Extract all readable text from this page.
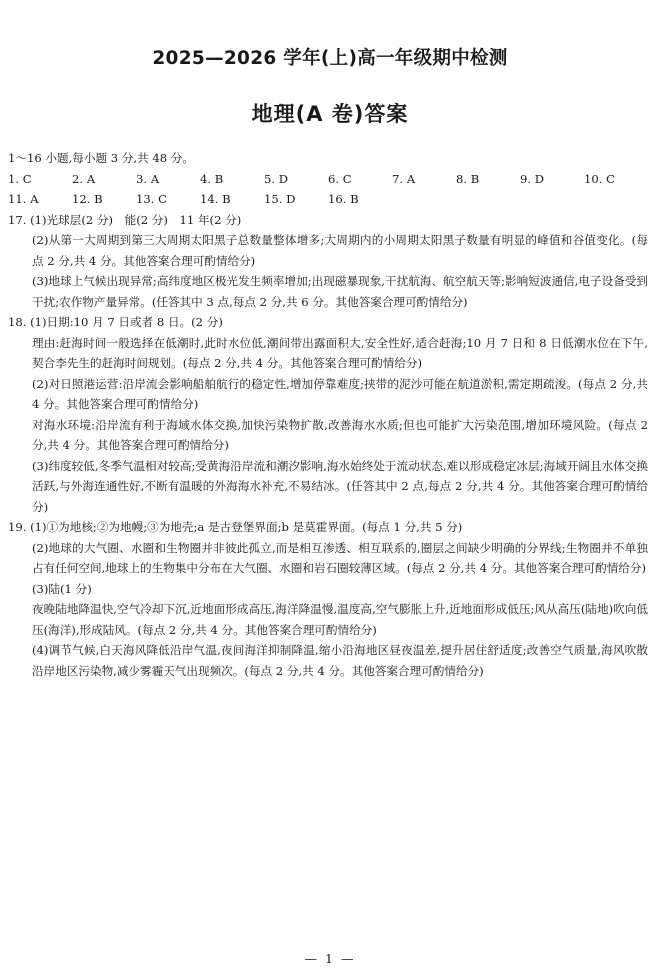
2025—2026 学年(上)高一年级期中检测
地理(A 卷)答案
1～16 小题,每小题 3 分,共 48 分。
1. C	2. A	3. A	4. B	5. D	6. C	7. A	8. B	9. D	10. C
11. A	12. B	13. C	14. B	15. D	16. B
17. (1)光球层(2 分)　能(2 分)　11 年(2 分)
(2)从第一大周期到第三大周期太阳黑子总数量整体增多;大周期内的小周期太阳黑子数量有明显的峰值和谷值变化。(每点 2 分,共 4 分。其他答案合理可酌情给分)
(3)地球上气候出现异常;高纬度地区极光发生频率增加;出现磁暴现象,干扰航海、航空航天等;影响短波通信,电子设备受到干扰;农作物产量异常。(任答其中 3 点,每点 2 分,共 6 分。其他答案合理可酌情给分)
18. (1)日期:10 月 7 日或者 8 日。(2 分)
理由:赶海时间一般选择在低潮时,此时水位低,潮间带出露面积大,安全性好,适合赶海;10 月 7 日和 8 日低潮水位在下午,契合李先生的赶海时间规划。(每点 2 分,共 4 分。其他答案合理可酌情给分)
(2)对日照港运营:沿岸流会影响船舶航行的稳定性,增加停靠难度;挟带的泥沙可能在航道淤积,需定期疏浚。(每点 2 分,共 4 分。其他答案合理可酌情给分)
对海水环境:沿岸流有利于海域水体交换,加快污染物扩散,改善海水水质;但也可能扩大污染范围,增加环境风险。(每点 2 分,共 4 分。其他答案合理可酌情给分)
(3)纬度较低,冬季气温相对较高;受黄海沿岸流和潮汐影响,海水始终处于流动状态,难以形成稳定冰层;海域开阔且水体交换活跃,与外海连通性好,不断有温暖的外海海水补充,不易结冰。(任答其中 2 点,每点 2 分,共 4 分。其他答案合理可酌情给分)
19. (1)①为地核;②为地幔;③为地壳;a 是古登堡界面;b 是莫霍界面。(每点 1 分,共 5 分)
(2)地球的大气圈、水圈和生物圈并非彼此孤立,而是相互渗透、相互联系的,圈层之间缺少明确的分界线;生物圈并不单独占有任何空间,地球上的生物集中分布在大气圈、水圈和岩石圈较薄区域。(每点 2 分,共 4 分。其他答案合理可酌情给分)
(3)陆(1 分)
夜晚陆地降温快,空气冷却下沉,近地面形成高压,海洋降温慢,温度高,空气膨胀上升,近地面形成低压;风从高压(陆地)吹向低压(海洋),形成陆风。(每点 2 分,共 4 分。其他答案合理可酌情给分)
(4)调节气候,白天海风降低沿岸气温,夜间海洋抑制降温,缩小沿海地区昼夜温差,提升居住舒适度;改善空气质量,海风吹散沿岸地区污染物,减少雾霾天气出现频次。(每点 2 分,共 4 分。其他答案合理可酌情给分)
— 1 —
